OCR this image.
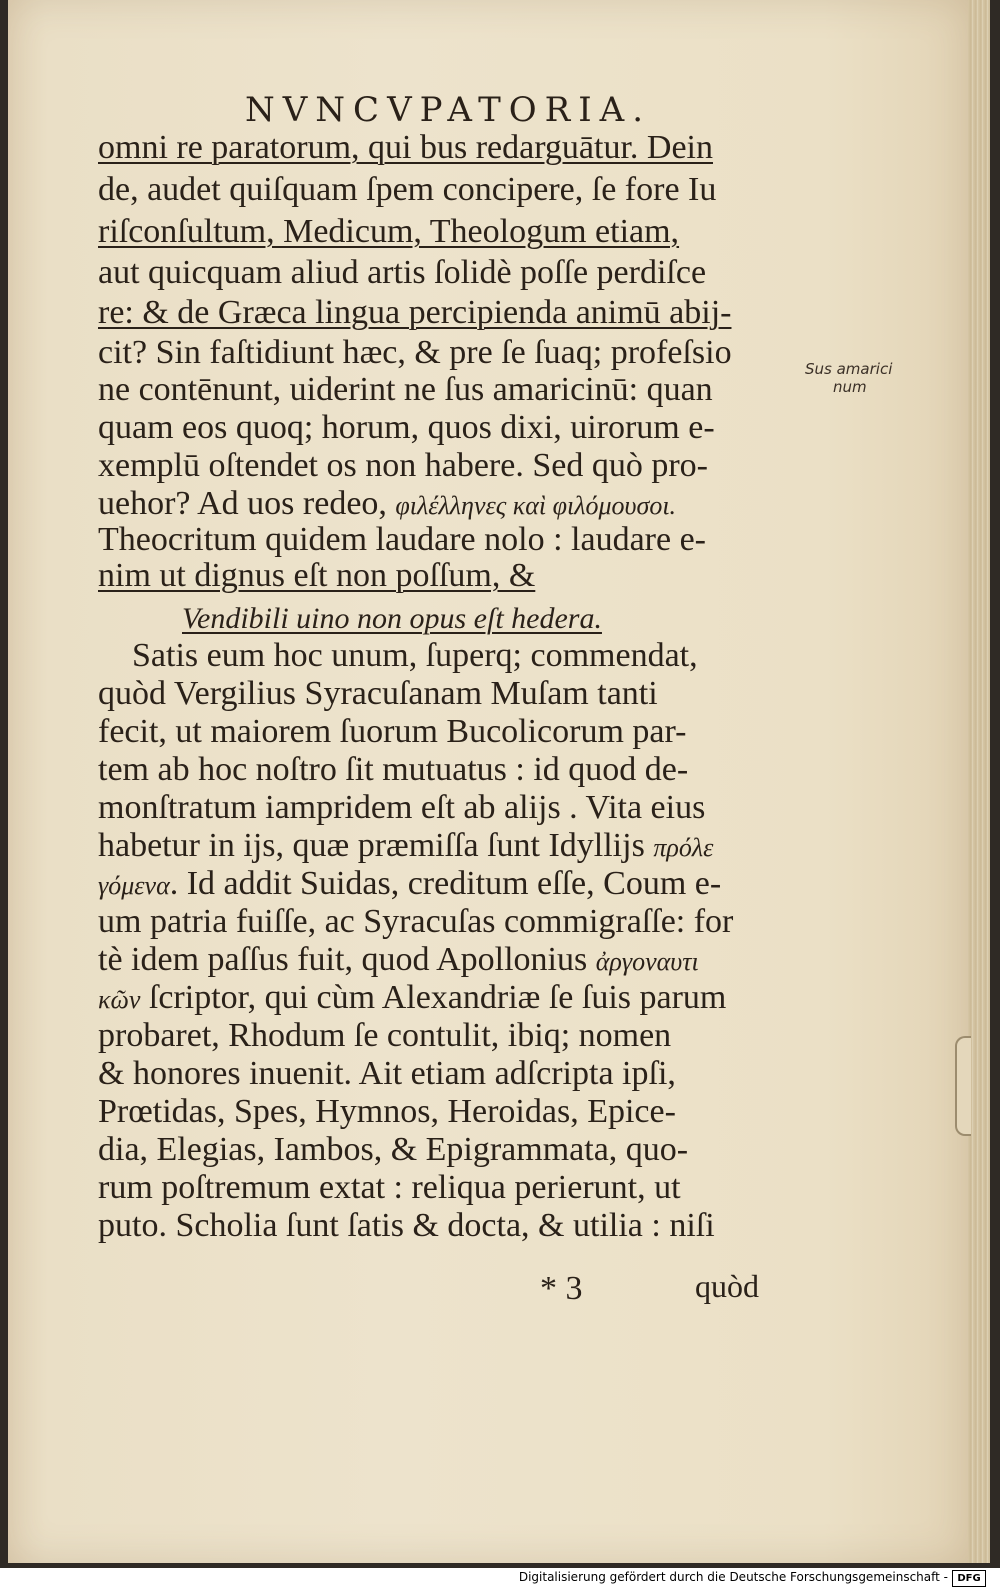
NVNCVPATORIA.
omni re paratorum, qui bus redarguātur. Dein
de, audet quiſquam ſpem concipere, ſe fore Iu
riſconſultum, Medicum, Theologum etiam,
aut quicquam aliud artis ſolidè poſſe perdiſce
re: & de Græca lingua percipienda animū abij-
cit? Sin faſtidiunt hæc, & pre ſe ſuaq; profeſsio
ne contēnunt, uiderint ne ſus amaricinū: quan
quam eos quoq; horum, quos dixi, uirorum e-
xemplū oſtendet os non habere. Sed quò pro-
uehor? Ad uos redeo, φιλέλληνες καὶ φιλόμουσοι.
Theocritum quidem laudare nolo : laudare e-
nim ut dignus eſt non poſſum, &
Vendibili uino non opus eſt hedera.
Satis eum hoc unum, ſuperq; commendat,
quòd Vergilius Syracuſanam Muſam tanti
fecit, ut maiorem ſuorum Bucolicorum par-
tem ab hoc noſtro ſit mutuatus : id quod de-
monſtratum iampridem eſt ab alijs . Vita eius
habetur in ijs, quæ præmiſſa ſunt Idyllijs πρόλε
γόμενα. Id addit Suidas, creditum eſſe, Coum e-
um patria fuiſſe, ac Syracuſas commigraſſe: for
tè idem paſſus fuit, quod Apollonius ἀργοναυτι
κῶν ſcriptor, qui cùm Alexandriæ ſe ſuis parum
probaret, Rhodum ſe contulit, ibiq; nomen
& honores inuenit. Ait etiam adſcripta ipſi,
Prœtidas, Spes, Hymnos, Heroidas, Epice-
dia, Elegias, Iambos, & Epigrammata, quo-
rum poſtremum extat : reliqua perierunt, ut
puto. Scholia ſunt ſatis & docta, & utilia : niſi
Sus amarici
num
* 3	quòd
Digitalisierung gefördert durch die Deutsche Forschungsgemeinschaft - DFG
